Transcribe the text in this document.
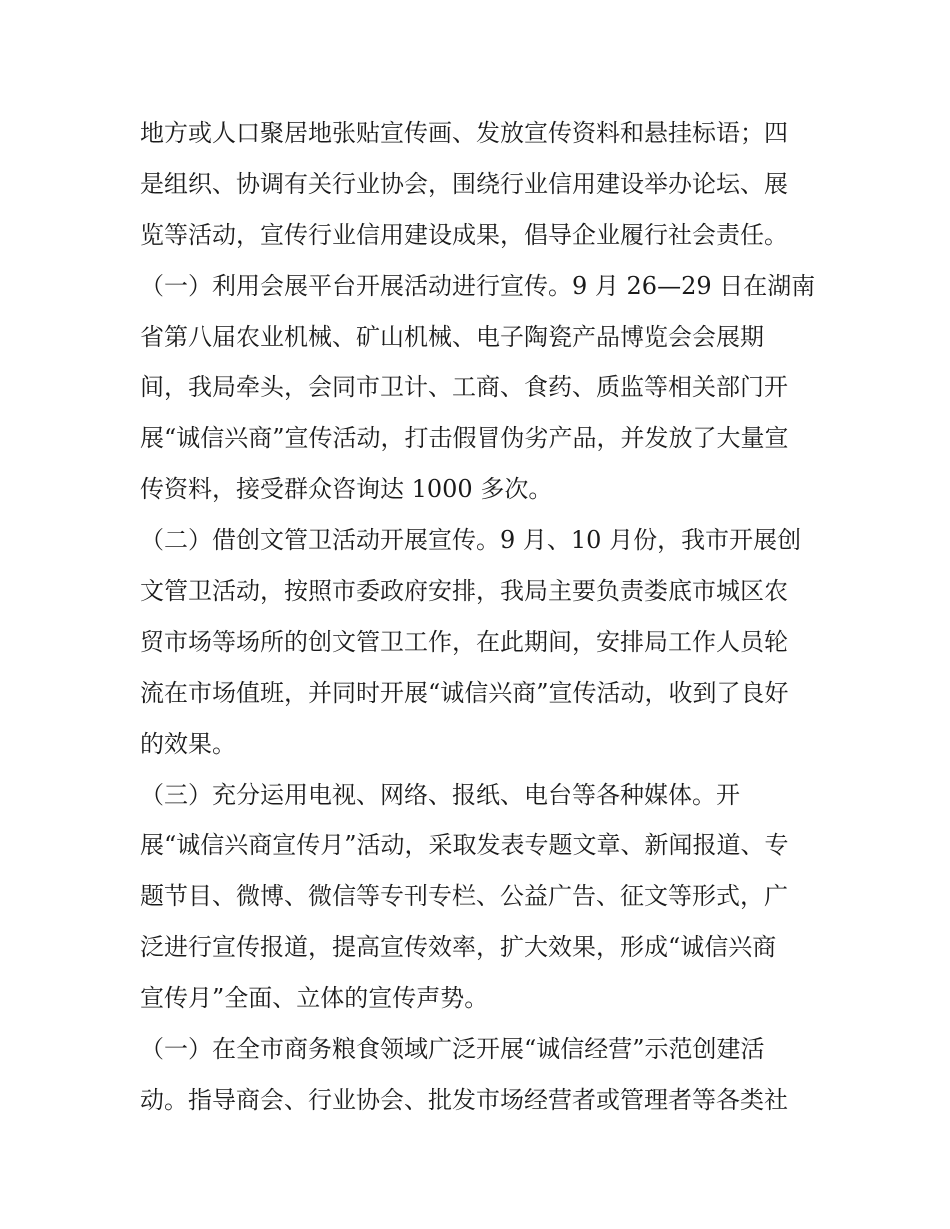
地方或人口聚居地张贴宣传画、发放宣传资料和悬挂标语；四

是组织、协调有关行业协会，围绕行业信用建设举办论坛、展

览等活动，宣传行业信用建设成果，倡导企业履行社会责任。

（一）利用会展平台开展活动进行宣传。9 月 26—29 日在湖南

省第八届农业机械、矿山机械、电子陶瓷产品博览会会展期

间，我局牵头，会同市卫计、工商、食药、质监等相关部门开

展“诚信兴商”宣传活动，打击假冒伪劣产品，并发放了大量宣

传资料，接受群众咨询达 1000 多次。

（二）借创文管卫活动开展宣传。9 月、10 月份，我市开展创

文管卫活动，按照市委政府安排，我局主要负责娄底市城区农

贸市场等场所的创文管卫工作，在此期间，安排局工作人员轮

流在市场值班，并同时开展“诚信兴商”宣传活动，收到了良好

的效果。

（三）充分运用电视、网络、报纸、电台等各种媒体。开

展“诚信兴商宣传月”活动，采取发表专题文章、新闻报道、专

题节目、微博、微信等专刊专栏、公益广告、征文等形式，广

泛进行宣传报道，提高宣传效率，扩大效果，形成“诚信兴商

宣传月”全面、立体的宣传声势。

（一）在全市商务粮食领域广泛开展“诚信经营”示范创建活

动。指导商会、行业协会、批发市场经营者或管理者等各类社
